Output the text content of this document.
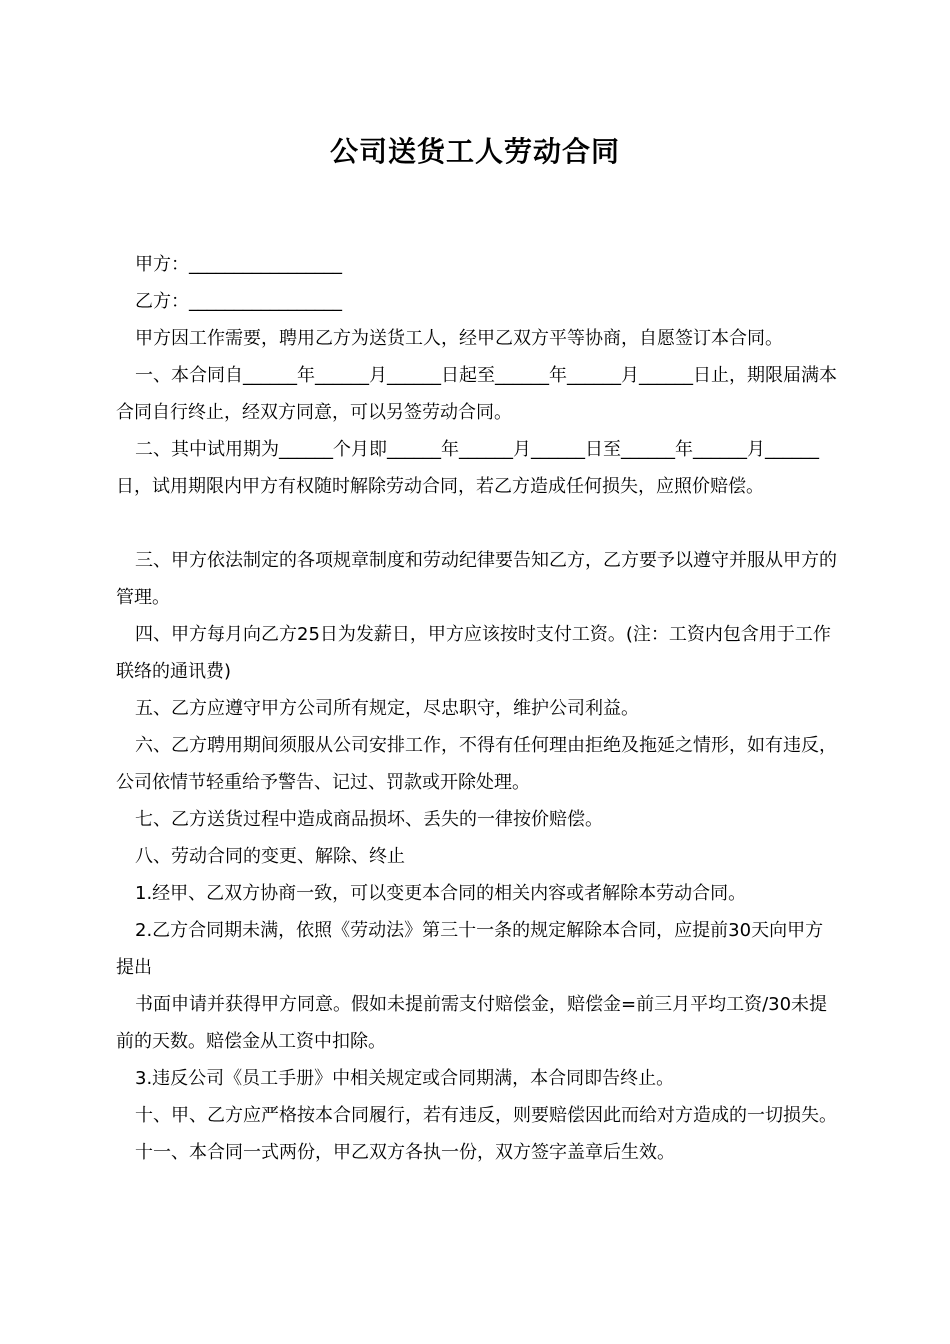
公司送货工人劳动合同

甲方：_________________

乙方：_________________

甲方因工作需要，聘用乙方为送货工人，经甲乙双方平等协商，自愿签订本合同。

一、本合同自______年______月______日起至______年______月______日止，期限届满本合同自行终止，经双方同意，可以另签劳动合同。

二、其中试用期为______个月即______年______月______日至______年______月______日，试用期限内甲方有权随时解除劳动合同，若乙方造成任何损失，应照价赔偿。

三、甲方依法制定的各项规章制度和劳动纪律要告知乙方，乙方要予以遵守并服从甲方的管理。

四、甲方每月向乙方25日为发薪日，甲方应该按时支付工资。(注：工资内包含用于工作联络的通讯费)

五、乙方应遵守甲方公司所有规定，尽忠职守，维护公司利益。

六、乙方聘用期间须服从公司安排工作，不得有任何理由拒绝及拖延之情形，如有违反，公司依情节轻重给予警告、记过、罚款或开除处理。

七、乙方送货过程中造成商品损坏、丢失的一律按价赔偿。

八、劳动合同的变更、解除、终止

1.经甲、乙双方协商一致，可以变更本合同的相关内容或者解除本劳动合同。

2.乙方合同期未满，依照《劳动法》第三十一条的规定解除本合同，应提前30天向甲方提出

书面申请并获得甲方同意。假如未提前需支付赔偿金，赔偿金=前三月平均工资/30未提前的天数。赔偿金从工资中扣除。

3.违反公司《员工手册》中相关规定或合同期满，本合同即告终止。

十、甲、乙方应严格按本合同履行，若有违反，则要赔偿因此而给对方造成的一切损失。

十一、本合同一式两份，甲乙双方各执一份，双方签字盖章后生效。
